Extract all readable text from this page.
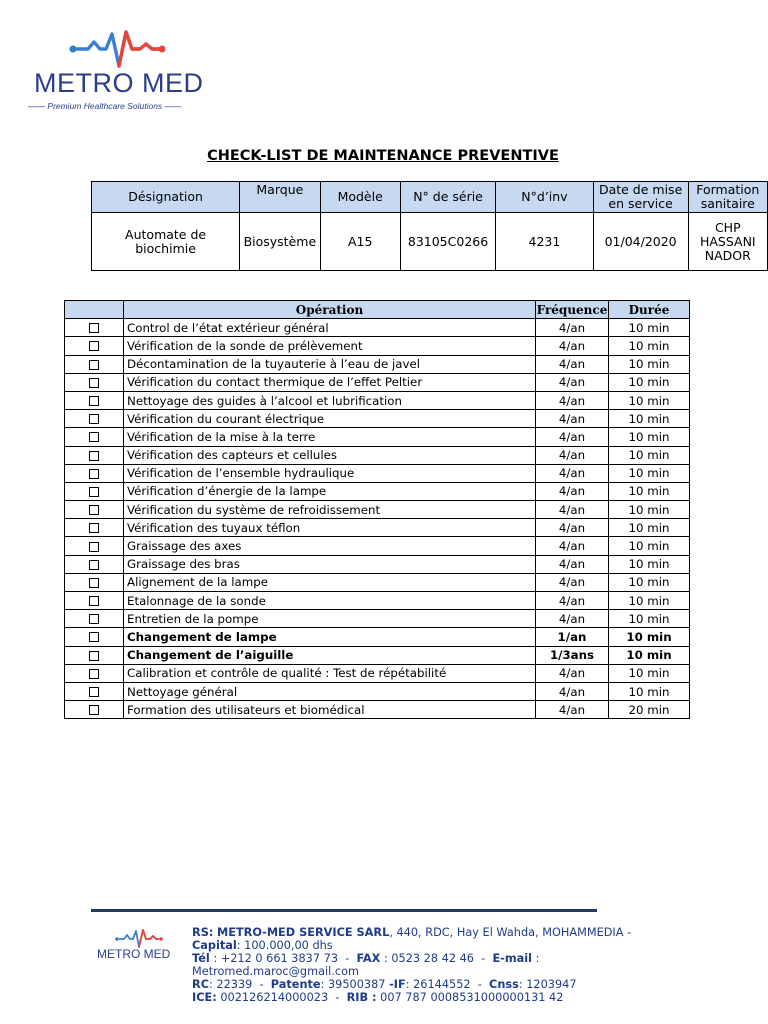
METRO MED
—— Premium Healthcare Solutions ——
CHECK-LIST DE MAINTENANCE PREVENTIVE
Désignation	Marque	Modèle	N° de série	N°d’inv	Date de mise en service	Formation sanitaire
Automate de biochimie	Biosystème	A15	83105C0266	4231	01/04/2020	CHP HASSANI NADOR
	Opération	Fréquence	Durée
	Control de l’état extérieur général	4/an	10 min
	Vérification de la sonde de prélèvement	4/an	10 min
	Décontamination de la tuyauterie à l’eau de javel	4/an	10 min
	Vérification du contact thermique de l’effet Peltier	4/an	10 min
	Nettoyage des guides à l’alcool et lubrification	4/an	10 min
	Vérification du courant électrique	4/an	10 min
	Vérification de la mise à la terre	4/an	10 min
	Vérification des capteurs et cellules	4/an	10 min
	Vérification de l’ensemble hydraulique	4/an	10 min
	Vérification d’énergie de la lampe	4/an	10 min
	Vérification du système de refroidissement	4/an	10 min
	Vérification des tuyaux téflon	4/an	10 min
	Graissage des axes	4/an	10 min
	Graissage des bras	4/an	10 min
	Alignement de la lampe	4/an	10 min
	Etalonnage de la sonde	4/an	10 min
	Entretien de la pompe	4/an	10 min
	Changement de lampe	1/an	10 min
	Changement de l’aiguille	1/3ans	10 min
	Calibration et contrôle de qualité : Test de répétabilité	4/an	10 min
	Nettoyage général	4/an	10 min
	Formation des utilisateurs et biomédical	4/an	20 min
METRO MED
RS: METRO-MED SERVICE SARL, 440, RDC, Hay El Wahda, MOHAMMEDIA -
Capital: 100.000,00 dhs
Tél : +212 0 661 3837 73  -  FAX : 0523 28 42 46  -  E-mail :
Metromed.maroc@gmail.com
RC: 22339  -  Patente: 39500387 -IF: 26144552  -  Cnss: 1203947
ICE: 002126214000023  -  RIB : 007 787 0008531000000131 42
